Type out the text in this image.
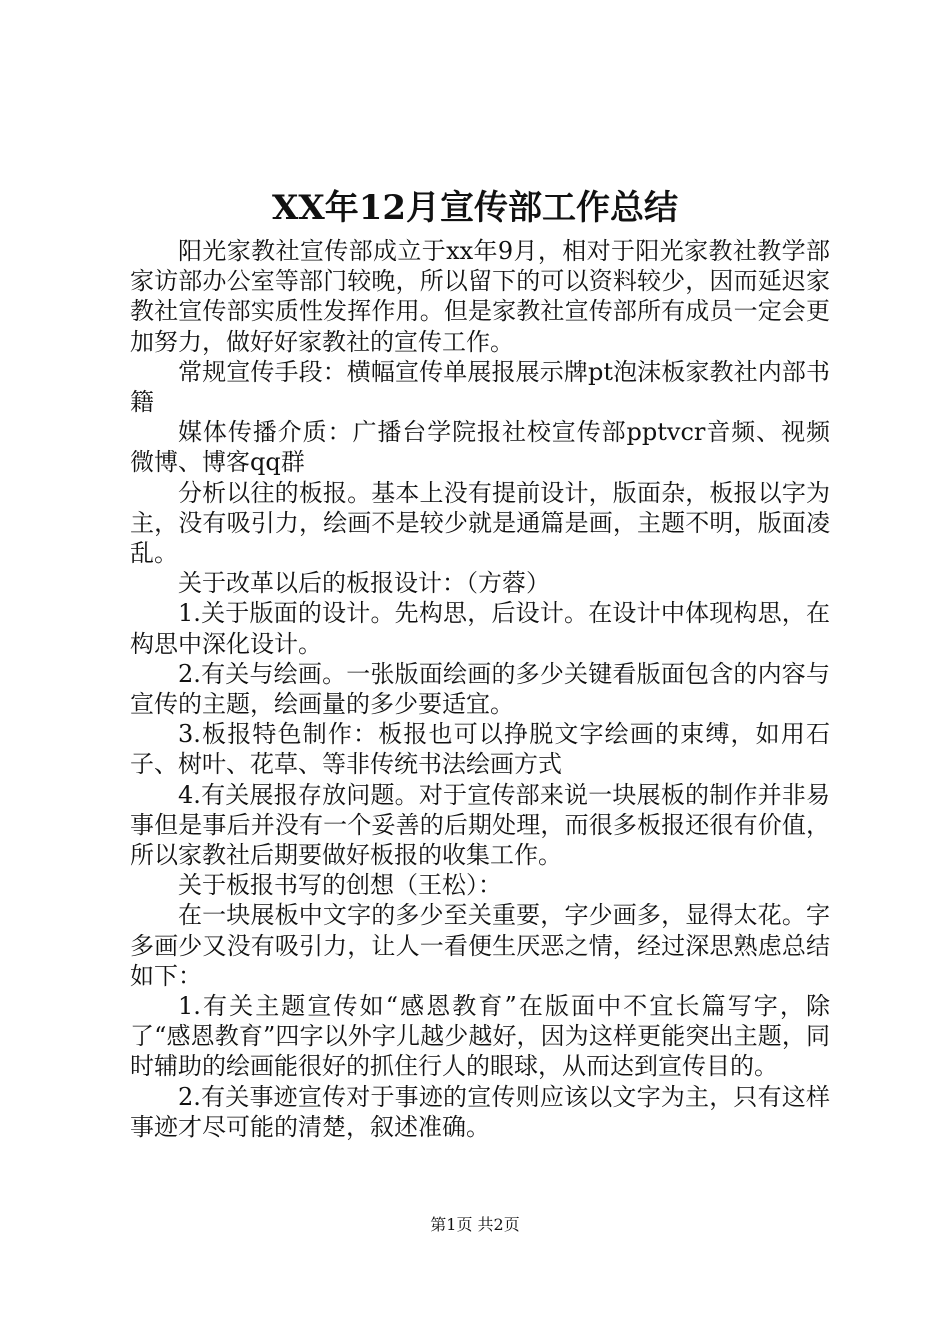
XX年12月宣传部工作总结

阳光家教社宣传部成立于xx年9月，相对于阳光家教社教学部家访部办公室等部门较晚，所以留下的可以资料较少，因而延迟家教社宣传部实质性发挥作用。但是家教社宣传部所有成员一定会更加努力，做好好家教社的宣传工作。

常规宣传手段：横幅宣传单展报展示牌pt泡沫板家教社内部书籍

媒体传播介质：广播台学院报社校宣传部pptvcr音频、视频微博、博客qq群

分析以往的板报。基本上没有提前设计，版面杂，板报以字为主，没有吸引力，绘画不是较少就是通篇是画，主题不明，版面凌乱。

关于改革以后的板报设计：（方蓉）

1.关于版面的设计。先构思，后设计。在设计中体现构思，在构思中深化设计。

2.有关与绘画。一张版面绘画的多少关键看版面包含的内容与宣传的主题，绘画量的多少要适宜。

3.板报特色制作：板报也可以挣脱文字绘画的束缚，如用石子、树叶、花草、等非传统书法绘画方式

4.有关展报存放问题。对于宣传部来说一块展板的制作并非易事但是事后并没有一个妥善的后期处理，而很多板报还很有价值，所以家教社后期要做好板报的收集工作。

关于板报书写的创想（王松）：

在一块展板中文字的多少至关重要，字少画多，显得太花。字多画少又没有吸引力，让人一看便生厌恶之情，经过深思熟虑总结如下：

1.有关主题宣传如“感恩教育”在版面中不宜长篇写字，除了“感恩教育”四字以外字儿越少越好，因为这样更能突出主题，同时辅助的绘画能很好的抓住行人的眼球，从而达到宣传目的。

2.有关事迹宣传对于事迹的宣传则应该以文字为主，只有这样事迹才尽可能的清楚，叙述准确。

第1页 共2页
